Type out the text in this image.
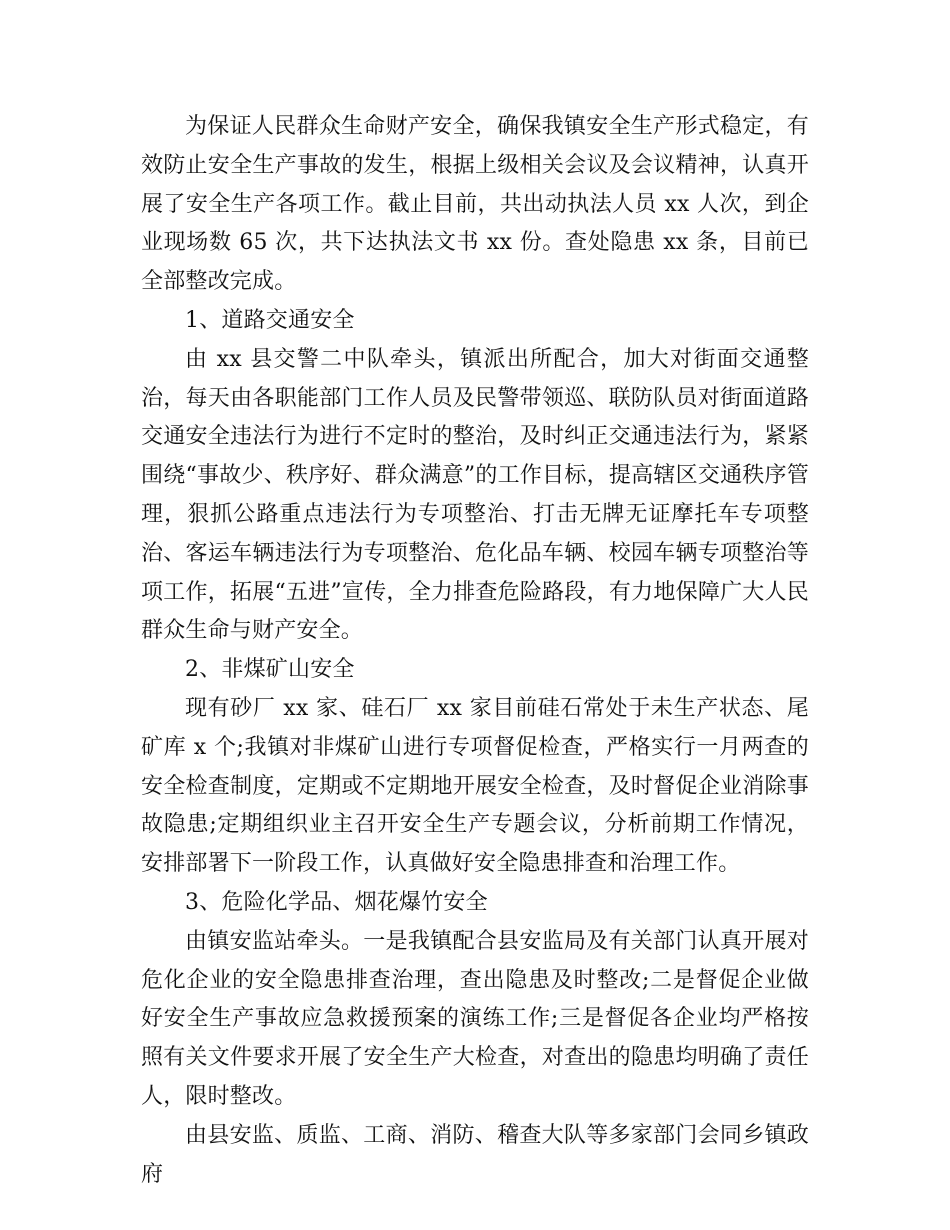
为保证人民群众生命财产安全，确保我镇安全生产形式稳定，有效防止安全生产事故的发生，根据上级相关会议及会议精神，认真开展了安全生产各项工作。截止目前，共出动执法人员 xx 人次，到企业现场数 65 次，共下达执法文书 xx 份。查处隐患 xx 条，目前已全部整改完成。

1、道路交通安全

由 xx 县交警二中队牵头，镇派出所配合，加大对街面交通整治，每天由各职能部门工作人员及民警带领巡、联防队员对街面道路交通安全违法行为进行不定时的整治，及时纠正交通违法行为，紧紧围绕“事故少、秩序好、群众满意”的工作目标，提高辖区交通秩序管理，狠抓公路重点违法行为专项整治、打击无牌无证摩托车专项整治、客运车辆违法行为专项整治、危化品车辆、校园车辆专项整治等项工作，拓展“五进”宣传，全力排查危险路段，有力地保障广大人民群众生命与财产安全。

2、非煤矿山安全

现有砂厂 xx 家、硅石厂 xx 家目前硅石常处于未生产状态、尾矿库 x 个;我镇对非煤矿山进行专项督促检查，严格实行一月两查的安全检查制度，定期或不定期地开展安全检查，及时督促企业消除事故隐患;定期组织业主召开安全生产专题会议，分析前期工作情况，安排部署下一阶段工作，认真做好安全隐患排查和治理工作。

3、危险化学品、烟花爆竹安全

由镇安监站牵头。一是我镇配合县安监局及有关部门认真开展对危化企业的安全隐患排查治理，查出隐患及时整改;二是督促企业做好安全生产事故应急救援预案的演练工作;三是督促各企业均严格按照有关文件要求开展了安全生产大检查，对查出的隐患均明确了责任人，限时整改。

由县安监、质监、工商、消防、稽查大队等多家部门会同乡镇政府
